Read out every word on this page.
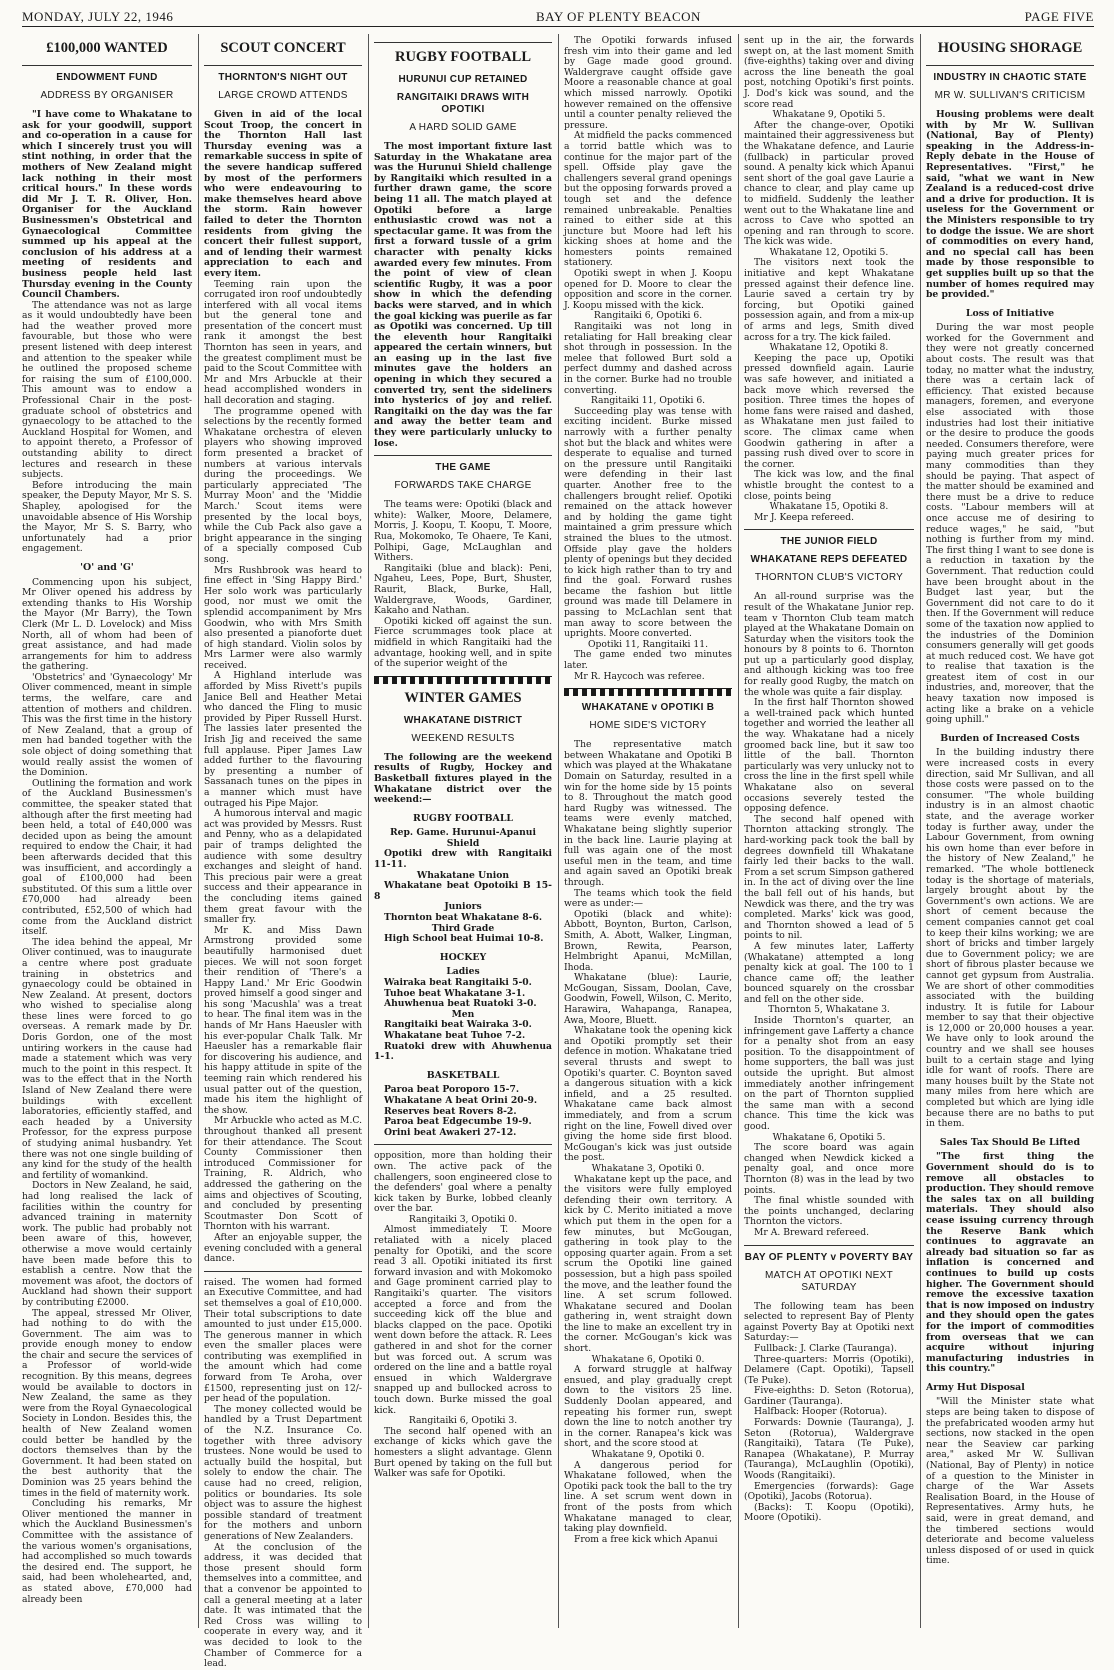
MONDAY, JULY 22, 1946	BAY OF PLENTY BEACON	PAGE FIVE
£100,000 WANTED
ENDOWMENT FUND
ADDRESS BY ORGANISER

"I have come to Whakatane to ask for your goodwill, support and co-operation in a cause for which I sincerely trust you will stint nothing, in order that the mothers of New Zealand might lack nothing in their most critical hours." In these words did Mr J. T. R. Oliver, Hon. Organiser for the Auckland Businessmen's Obstetrical and Gynaecological Committee summed up his appeal at the conclusion of his address at a meeting of residents and business people held last Thursday evening in the County Council Chambers.

The attendance was not as large as it would undoubtedly have been had the weather proved more favourable, but those who were present listened with deep interest and attention to the speaker while he outlined the proposed scheme for raising the sum of £100,000. This amount was to endow a Professional Chair in the post-graduate school of obstetrics and gynaecology to be attached to the Auckland Hospital for Women, and to appoint thereto, a Professor of outstanding ability to direct lectures and research in these subjects.

Before introducing the main speaker, the Deputy Mayor, Mr S. S. Shapley, apologised for the unavoidable absence of His Worship the Mayor, Mr S. S. Barry, who unfortunately had a prior engagement.

'O' and 'G'

Commencing upon his subject, Mr Oliver opened his address by extending thanks to His Worship the Mayor (Mr Barry), the Town Clerk (Mr L. D. Lovelock) and Miss North, all of whom had been of great assistance, and had made arrangements for him to address the gathering.

'Obstetrics' and 'Gynaecology' Mr Oliver commenced, meant in simple terms, the welfare, care and attention of mothers and children. This was the first time in the history of New Zealand, that a group of men had banded together with the sole object of doing something that would really assist the women of the Dominion.

Outlining the formation and work of the Auckland Businessmen's committee, the speaker stated that although after the first meeting had been held, a total of £40,000 was decided upon as being the amount required to endow the Chair, it had been afterwards decided that this was insufficient, and accordingly a goal of £100,000 had been substituted. Of this sum a little over £70,000 had already been contributed, £52,500 of which had come from the Auckland district itself.

The idea behind the appeal, Mr Oliver continued, was to inaugurate a centre where post graduate training in obstetrics and gynaecology could be obtained in New Zealand. At present, doctors who wished to specialise along these lines were forced to go overseas. A remark made by Dr. Doris Gordon, one of the most untiring workers in the cause had made a statement which was very much to the point in this respect. It was to the effect that in the North Island of New Zealand there were buildings with excellent laboratories, efficiently staffed, and each headed by a University Professor, for the express purpose of studying animal husbandry. Yet there was not one single building of any kind for the study of the health and fertility of womankind.

Doctors in New Zealand, he said, had long realised the lack of facilities within the country for advanced training in maternity work. The public had probably not been aware of this, however, otherwise a move would certainly have been made before this to establish a centre. Now that the movement was afoot, the doctors of Auckland had shown their support by contributing £2000.

The appeal, stressed Mr Oliver, had nothing to do with the Government. The aim was to provide enough money to endow the chair and secure the services of a Professor of world-wide recognition. By this means, degrees would be available to doctors in New Zealand, the same as they were from the Royal Gynaecological Society in London. Besides this, the health of New Zealand women could better be handled by the doctors themselves than by the Government. It had been stated on the best authority that the Dominion was 25 years behind the times in the field of maternity work.

Concluding his remarks, Mr Oliver mentioned the manner in which the Auckland Businessmen's Committee with the assistance of the various women's organisations, had accomplished so much towards the desired end. The support, he said, had been wholehearted, and, as stated above, £70,000 had already been

SCOUT CONCERT
THORNTON'S NIGHT OUT
LARGE CROWD ATTENDS

Given in aid of the local Scout Troop, the concert in the Thornton Hall last Thursday evening was a remarkable success in spite of the severe handicap suffered by most of the performers who were endeavouring to make themselves heard above the storm. Rain however failed to deter the Thornton residents from giving the concert their fullest support, and of lending their warmest appreciation to each and every item.

Teeming rain upon the corrugated iron roof undoubtedly interfered with all vocal items but the general tone and presentation of the concert must rank it amongst the best Thornton has seen in years, and the greatest compliment must be paid to the Scout Committee with Mr and Mrs Arbuckle at their head accomplished wonders in hall decoration and staging.

The programme opened with selections by the recently formed Whakatane orchestra of eleven players who showing improved form presented a bracket of numbers at various intervals during the proceedings. We particularly appreciated 'The Murray Moon' and the 'Middie March.' Scout items were presented by the local boys, while the Cub Pack also gave a bright appearance in the singing of a specially composed Cub song.

Mrs Rushbrook was heard to fine effect in 'Sing Happy Bird.' Her solo work was particularly good, nor must we omit the splendid accompaniment by Mrs Goodwin, who with Mrs Smith also presented a pianoforte duet of high standard. Violin solos by Mrs Larmer were also warmly received.

A Highland interlude was afforded by Miss Rivett's pupils Janice Bell and Heather Metai who danced the Fling to music provided by Piper Russell Hurst. The lassies later presented the Irish Jig and received the same full applause. Piper James Law added further to the flavouring by presenting a number of Sassanach tunes on the pipes in a manner which must have outraged his Pipe Major.

A humorous interval and magic act was provided by Messrs. Rust and Penny, who as a delapidated pair of tramps delighted the audience with some desultry exchanges and sleight of hand. This precious pair were a great success and their appearance in the concluding items gained them great favour with the smaller fry.

Mr K. and Miss Dawn Armstrong provided some beautifully harmonised duet pieces. We will not soon forget their rendition of 'There's a Happy Land.' Mr Eric Goodwin proved himself a good singer and his song 'Macushla' was a treat to hear. The final item was in the hands of Mr Hans Haeusler with his ever-popular Chalk Talk. Mr Haeusler has a remarkable flair for discovering his audience, and his happy attitude in spite of the teeming rain which rendered his usual patter out of the question, made his item the highlight of the show.

Mr Arbuckle who acted as M.C. throughout thanked all present for their attendance. The Scout County Commissioner then introduced Commissioner for Training, R. Aldrich, who addressed the gathering on the aims and objectives of Scouting, and concluded by presenting Scoutmaster Don Scott of Thornton with his warrant.

After an enjoyable supper, the evening concluded with a general dance.

raised. The women had formed an Executive Committee, and had set themselves a goal of £10,000. Their total subscriptions to date amounted to just under £15,000. The generous manner in which even the smaller places were contributing was exemplified in the amount which had come forward from Te Aroha, over £1500, representing just on 12/- per head of the population.

The money collected would be handled by a Trust Department of the N.Z. Insurance Co. together with three advisory trustees. None would be used to actually build the hospital, but solely to endow the chair. The cause had no creed, religion, politics or boundaries. Its sole object was to assure the highest possible standard of treatment for the mothers and unborn generations of New Zealanders.

At the conclusion of the address, it was decided that those present should form themselves into a committee, and that a convenor be appointed to call a general meeting at a later date. It was intimated that the Red Cross was willing to cooperate in every way, and it was decided to look to the Chamber of Commerce for a lead.

RUGBY FOOTBALL
HURUNUI CUP RETAINED
RANGITAIKI DRAWS WITH OPOTIKI
A HARD SOLID GAME

The most important fixture last Saturday in the Whakatane area was the Hurunui Shield challenge by Rangitaiki which resulted in a further drawn game, the score being 11 all. The match played at Opotiki before a large enthusiastic crowd was not a spectacular game. It was from the first a forward tussle of a grim character with penalty kicks awarded every few minutes. From the point of view of clean scientific Rugby, it was a poor show in which the defending backs were starved, and in which the goal kicking was puerile as far as Opotiki was concerned. Up till the eleventh hour Rangitaiki appeared the certain winners, but an easing up in the last five minutes gave the holders an opening in which they secured a converted try, sent the sideliners into hysterics of joy and relief. Rangitaiki on the day was the far and away the better team and they were particularly unlucky to lose.

THE GAME
FORWARDS TAKE CHARGE

The teams were: Opotiki (black and white): Walker, Moore, Delamere, Morris, J. Koopu, T. Koopu, T. Moore, Rua, Mokomoko, Te Ohaere, Te Kani, Polhipi, Gage, McLaughlan and Withers.

Rangitaiki (blue and black): Peni, Ngaheu, Lees, Pope, Burt, Shuster, Raurit, Black, Burke, Hall, Waldergrave, Woods, Gardiner, Kakaho and Nathan.

Opotiki kicked off against the sun. Fierce scrummages took place at midfield in which Rangitaiki had the advantage, hooking well, and in spite of the superior weight of the

WINTER GAMES
WHAKATANE DISTRICT
WEEKEND RESULTS

The following are the weekend results of Rugby, Hockey and Basketball fixtures played in the Whakatane district over the weekend:—

RUGBY FOOTBALL

Rep. Game. Hurunui-Apanui Shield

Opotiki drew with Rangitaiki 11-11.

Whakatane Union

Whakatane beat Opotoiki B 15-8

Juniors

Thornton beat Whakatane 8-6.

Third Grade

High School beat Huimai 10-8.

HOCKEY

Ladies

Wairaka beat Rangitaiki 5-0.

Tuhoe beat Whakatane 3-1.

Ahuwhenua beat Ruatoki 3-0.

Men

Rangitaiki beat Wairaka 3-0.

Whakatane beat Tuhoe 7-2.

Ruatoki drew with Ahuwhenua 1-1.

BASKETBALL

Paroa beat Poroporo 15-7.

Whakatane A beat Orini 20-9.

Reserves beat Rovers 8-2.

Paroa beat Edgecumbe 19-9.

Orini beat Awakeri 27-12.

opposition, more than holding their own. The active pack of the challengers, soon engineered close to the defenders' goal where a penalty kick taken by Burke, lobbed cleanly over the bar.

Rangitaiki 3, Opotiki 0.

Almost immediately T. Moore retaliated with a nicely placed penalty for Opotiki, and the score read 3 all. Opotiki initiated its first forward invasion and with Mokomoko and Gage prominent carried play to Rangitaiki's quarter. The visitors accepted a force and from the succeeding kick off the blue and blacks clapped on the pace. Opotiki went down before the attack. R. Lees gathered in and shot for the corner but was forced out. A scrum was ordered on the line and a battle royal ensued in which Waldergrave snapped up and bullocked across to touch down. Burke missed the goal kick.

Rangitaiki 6, Opotiki 3.

The second half opened with an exchange of kicks which gave the homesters a slight advantage. Glenn Burt opened by taking on the full but Walker was safe for Opotiki.

The Opotiki forwards infused fresh vim into their game and led by Gage made good ground. Waldergrave caught offside gave Moore a reasonable chance at goal which missed narrowly. Opotiki however remained on the offensive until a counter penalty relieved the pressure.

At midfield the packs commenced a torrid battle which was to continue for the major part of the spell. Offside play gave the challengers several grand openings but the opposing forwards proved a tough set and the defence remained unbreakable. Penalties rained to either side at this juncture but Moore had left his kicking shoes at home and the homesters points remained stationery.

Opotiki swept in when J. Koopu opened for D. Moore to clear the opposition and score in the corner. J. Koopu missed with the kick.

Rangitaiki 6, Opotiki 6.

Rangitaiki was not long in retaliating for Hall breaking clear shot through in possession. In the melee that followed Burt sold a perfect dummy and dashed across in the corner. Burke had no trouble converting.

Rangitaiki 11, Opotiki 6.

Succeeding play was tense with exciting incident. Burke missed narrowly with a further penalty shot but the black and whites were desperate to equalise and turned on the pressure until Rangitaiki were defending in their last quarter. Another free to the challengers brought relief. Opotiki remained on the attack however and by holding the game tight maintained a grim pressure which strained the blues to the utmost. Offside play gave the holders plenty of openings but they decided to kick high rather than to try and find the goal. Forward rushes became the fashion but little ground was made till Delamere in passing to McLachlan sent that man away to score between the uprights. Moore converted.

Opotiki 11, Rangitaiki 11.

The game ended two minutes later.

Mr R. Haycoch was referee.

WHAKATANE v OPOTIKI B
HOME SIDE'S VICTORY

The representative match between Whakatane and Opotiki B which was played at the Whakatane Domain on Saturday, resulted in a win for the home side by 15 points to 8. Throughout the match good hard Rugby was witnessed. The teams were evenly matched, Whakatane being slightly superior in the back line. Laurie playing at full was again one of the most useful men in the team, and time and again saved an Opotiki break through.

The teams which took the field were as under:—

Opotiki (black and white): Abbott, Boynton, Burton, Carlson, Smith, A. Abott, Walker, Lingman, Brown, Rewita, Pearson, Helmbright Apanui, McMillan, Ihoda.

Whakatane (blue): Laurie, McGougan, Sissam, Doolan, Cave, Goodwin, Fowell, Wilson, C. Merito, Harawira, Wahapanga, Ranapea, Awa, Moore, Bluett.

Whakatane took the opening kick and Opotiki promptly set their defence in motion. Whakatane tried several thrusts and swept to Opotiki's quarter. C. Boynton saved a dangerous situation with a kick infield, and a 25 resulted. Whakatane came back almost immediately, and from a scrum right on the line, Fowell dived over giving the home side first blood. McGougan's kick was just outside the post.

Whakatane 3, Opotiki 0.

Whakatane kept up the pace, and the visitors were fully employed defending their own territory. A kick by C. Merito initiated a move which put them in the open for a few minutes, but McGougan, gathering in took play to the opposing quarter again. From a set scrum the Opotiki line gained possession, but a high pass spoiled the move, and the leather found the line. A set scrum followed. Whakatane secured and Doolan gathering in, went straight down the line to make an excellent try in the corner. McGougan's kick was short.

Whakatane 6, Opotiki 0.

A forward struggle at halfway ensued, and play gradually crept down to the visitors 25 line. Suddenly Doolan appeared, and repeating his former run, swept down the line to notch another try in the corner. Ranapea's kick was short, and the score stood at

Whakatane 9, Opotiki 0.

A dangerous period for Whakatane followed, when the Opotiki pack took the ball to the try line. A set scrum went down in front of the posts from which Whakatane managed to clear, taking play downfield.

From a free kick which Apanui

sent up in the air, the forwards swept on, at the last moment Smith (five-eighths) taking over and diving across the line beneath the goal post, notching Opotiki's first points. J. Dod's kick was sound, and the score read

Whakatane 9, Opotiki 5.

After the change-over, Opotiki maintained their aggressiveness but the Whakatane defence, and Laurie (fullback) in particular proved sound. A penalty kick which Apanui sent short of the goal gave Laurie a chance to clear, and play came up to midfield. Suddenly the leather went out to the Whakatane line and across to Cave who spotted an opening and ran through to score. The kick was wide.

Whakatane 12, Opotiki 5.

The visitors next took the initiative and kept Whakatane pressed against their defence line. Laurie saved a certain try by forcing, but Opotiki gained possession again, and from a mix-up of arms and legs, Smith dived across for a try. The kick failed.

Whakatane 12, Opotiki 8.

Keeping the pace up, Opotiki pressed downfield again. Laurie was safe however, and initiated a back move which reversed the position. Three times the hopes of home fans were raised and dashed, as Whakatane men just failed to score. The climax came when Goodwin gathering in after a passing rush dived over to score in the corner.

The kick was low, and the final whistle brought the contest to a close, points being

Whakatane 15, Opotiki 8.

Mr J. Keepa refereed.

THE JUNIOR FIELD
WHAKATANE REPS DEFEATED
THORNTON CLUB'S VICTORY

An all-round surprise was the result of the Whakatane Junior rep. team v Thornton Club team match played at the Whakatane Domain on Saturday when the visitors took the honours by 8 points to 6. Thornton put up a particularly good display, and although kicking was too free for really good Rugby, the match on the whole was quite a fair display.

In the first half Thornton showed a well-trained pack which hunted together and worried the leather all the way. Whakatane had a nicely groomed back line, but it saw too little of the ball. Thornton particularly was very unlucky not to cross the line in the first spell while Whakatane also on several occasions severely tested the opposing defence.

The second half opened with Thornton attacking strongly. The hard-working pack took the ball by degrees downfield till Whakatane fairly led their backs to the wall. From a set scrum Simpson gathered in. In the act of diving over the line the ball fell out of his hands, but Newdick was there, and the try was completed. Marks' kick was good, and Thornton showed a lead of 5 points to nil.

A few minutes later, Lafferty (Whakatane) attempted a long penalty kick at goal. The 100 to 1 chance came off; the leather bounced squarely on the crossbar and fell on the other side.

Thornton 5, Whakatane 3.

Inside Thornton's quarter, an infringement gave Lafferty a chance for a penalty shot from an easy position. To the disappointment of home supporters, the ball was just outside the upright. But almost immediately another infringement on the part of Thornton supplied the same man with a second chance. This time the kick was good.

Whakatane 6, Opotiki 5.

The score board was again changed when Newdick kicked a penalty goal, and once more Thornton (8) was in the lead by two points.

The final whistle sounded with the points unchanged, declaring Thornton the victors.

Mr A. Breward refereed.

BAY OF PLENTY v POVERTY BAY
MATCH AT OPOTIKI NEXT SATURDAY

The following team has been selected to represent Bay of Plenty against Poverty Bay at Opotiki next Saturday:—

Fullback: J. Clarke (Tauranga).

Three-quarters: Morris (Opotiki), Delamere (Capt. Opotiki), Tapsell (Te Puke).

Five-eighths: D. Seton (Rotorua), Gardiner (Tauranga).

Halfback: Hooper (Rotorua).

Forwards: Downie (Tauranga), J. Seton (Rotorua), Waldergrave (Rangitaiki), Tatara (Te Puke), Ranapea (Whakatane), P. Murray (Tauranga), McLaughlin (Opotiki), Woods (Rangitaiki).

Emergencies (forwards): Gage (Opotiki), Jacobs (Rotorua).

(Backs): T. Koopu (Opotiki), Moore (Opotiki).

HOUSING SHORAGE
INDUSTRY IN CHAOTIC STATE
MR W. SULLIVAN'S CRITICISM

Housing problems were dealt with by Mr W. Sullivan (National, Bay of Plenty) speaking in the Address-in-Reply debate in the House of Representatives. "First," he said, "what we want in New Zealand is a reduced-cost drive and a drive for production. It is useless for the Government or the Ministers responsible to try to dodge the issue. We are short of commodities on every hand, and no special call has been made by those responsible to get supplies built up so that the number of homes required may be provided."

Loss of Initiative

During the war most people worked for the Government and they were not greatly concerned about costs. The result was that today, no matter what the industry, there was a certain lack of efficiency. That existed because managers, foremen, and everyone else associated with those industries had lost their initiative or the desire to produce the goods needed. Consumers therefore, were paying much greater prices for many commodities than they should be paying. That aspect of the matter should be examined and there must be a drive to reduce costs. "Labour members will at once accuse me of desiring to reduce wages," he said, "but nothing is further from my mind. The first thing I want to see done is a reduction in taxation by the Government. That reduction could have been brought about in the Budget last year, but the Government did not care to do it then. If the Government will reduce some of the taxation now applied to the industries of the Dominion consumers generally will get goods at much reduced cost. We have got to realise that taxation is the greatest item of cost in our industries, and, moreover, that the heavy taxation now imposed is acting like a brake on a vehicle going uphill."

Burden of Increased Costs

In the building industry there were increased costs in every direction, said Mr Sullivan, and all those costs were passed on to the consumer. "The whole building industry is in an almost chaotic state, and the average worker today is further away, under the Labour Government, from owning his own home than ever before in the history of New Zealand," he remarked. "The whole bottleneck today is the shortage of materials, largely brought about by the Government's own actions. We are short of cement because the cement companies cannot get coal to keep their kilns working; we are short of bricks and timber largely due to Government policy; we are short of fibrous plaster because we cannot get gypsum from Australia. We are short of other commodities associated with the building industry. It is futile for Labour member to say that their objective is 12,000 or 20,000 houses a year. We have only to look around the country and we shall see houses built to a certain stage and lying idle for want of roofs. There are many houses built by the State not many miles from here which are completed but which are lying idle because there are no baths to put in them.

Sales Tax Should Be Lifted

"The first thing the Government should do is to remove all obstacles to production. They should remove the sales tax on all building materials. They should also cease issuing currency through the Reserve Bank which continues to aggravate an already bad situation so far as inflation is concerned and continues to build up costs higher. The Government should remove the excessive taxation that is now imposed on industry and they should open the gates for the import of commodities from overseas that we can acquire without injuring manufacturing industries in this country."

Army Hut Disposal

"Will the Minister state what steps are being taken to dispose of the prefabricated wooden army hut sections, now stacked in the open near the Seaview car parking area," asked Mr W. Sullivan (National, Bay of Plenty) in notice of a question to the Minister in charge of the War Assets Realisation Board, in the House of Representatives. Army huts, he said, were in great demand, and the timbered sections would deteriorate and become valueless unless disposed of or used in quick time.
